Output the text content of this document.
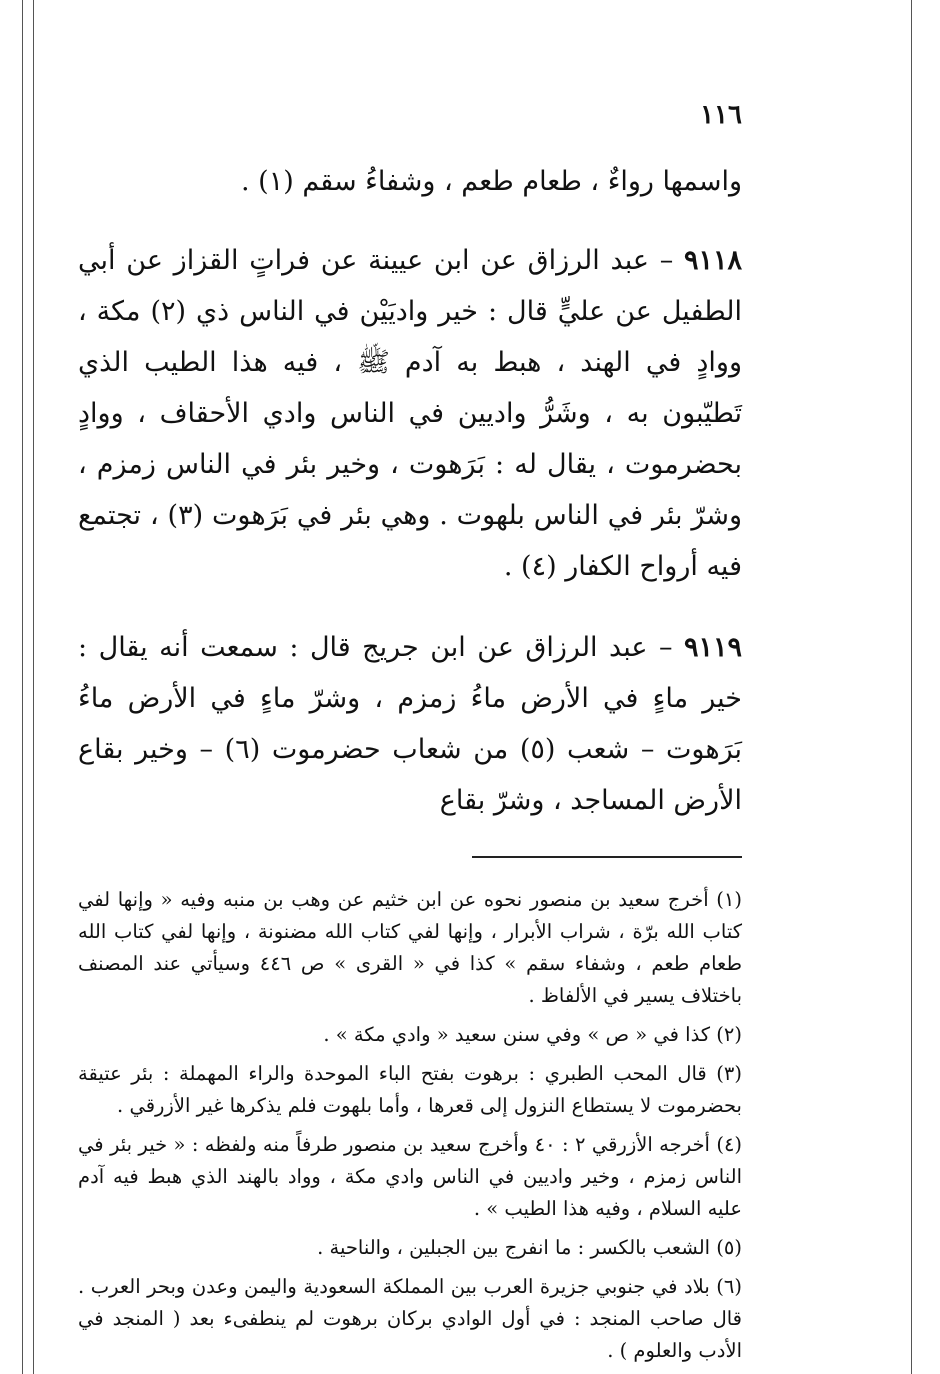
١١٦

واسمها رواءٌ ، طعام طعم ، وشفاءُ سقم (١) .

٩١١٨ – عبد الرزاق عن ابن عيينة عن فراتٍ القزاز عن أبي الطفيل عن عليٍّ قال : خير واديَيْن في الناس ذي (٢) مكة ، ووادٍ في الهند ، هبط به آدم ﷺ ، فيه هذا الطيب الذي تَطيّبون به ، وشَرُّ واديين في الناس وادي الأحقاف ، ووادٍ بحضرموت ، يقال له : بَرَهوت ، وخير بئر في الناس زمزم ، وشرّ بئر في الناس بلهوت . وهي بئر في بَرَهوت (٣) ، تجتمع فيه أرواح الكفار (٤) .

٩١١٩ – عبد الرزاق عن ابن جريج قال : سمعت أنه يقال : خير ماءٍ في الأرض ماءُ زمزم ، وشرّ ماءٍ في الأرض ماءُ بَرَهوت – شعب (٥) من شعاب حضرموت (٦) – وخير بقاع الأرض المساجد ، وشرّ بقاع

(١) أخرج سعيد بن منصور نحوه عن ابن خثيم عن وهب بن منبه وفيه « وإنها لفي كتاب الله برّة ، شراب الأبرار ، وإنها لفي كتاب الله مضنونة ، وإنها لفي كتاب الله طعام طعم ، وشفاء سقم » كذا في « القرى » ص ٤٤٦ وسيأتي عند المصنف باختلاف يسير في الألفاظ .

(٢) كذا في « ص » وفي سنن سعيد « وادي مكة » .

(٣) قال المحب الطبري : برهوت بفتح الباء الموحدة والراء المهملة : بئر عتيقة بحضرموت لا يستطاع النزول إلى قعرها ، وأما بلهوت فلم يذكرها غير الأزرقي .

(٤) أخرجه الأزرقي ٢ : ٤٠ وأخرج سعيد بن منصور طرفاً منه ولفظه : « خير بئر في الناس زمزم ، وخير واديين في الناس وادي مكة ، وواد بالهند الذي هبط فيه آدم عليه السلام ، وفيه هذا الطيب » .

(٥) الشعب بالكسر : ما انفرج بين الجبلين ، والناحية .

(٦) بلاد في جنوبي جزيرة العرب بين المملكة السعودية واليمن وعدن وبحر العرب . قال صاحب المنجد : في أول الوادي بركان برهوت لم ينطفىء بعد ( المنجد في الأدب والعلوم ) .
